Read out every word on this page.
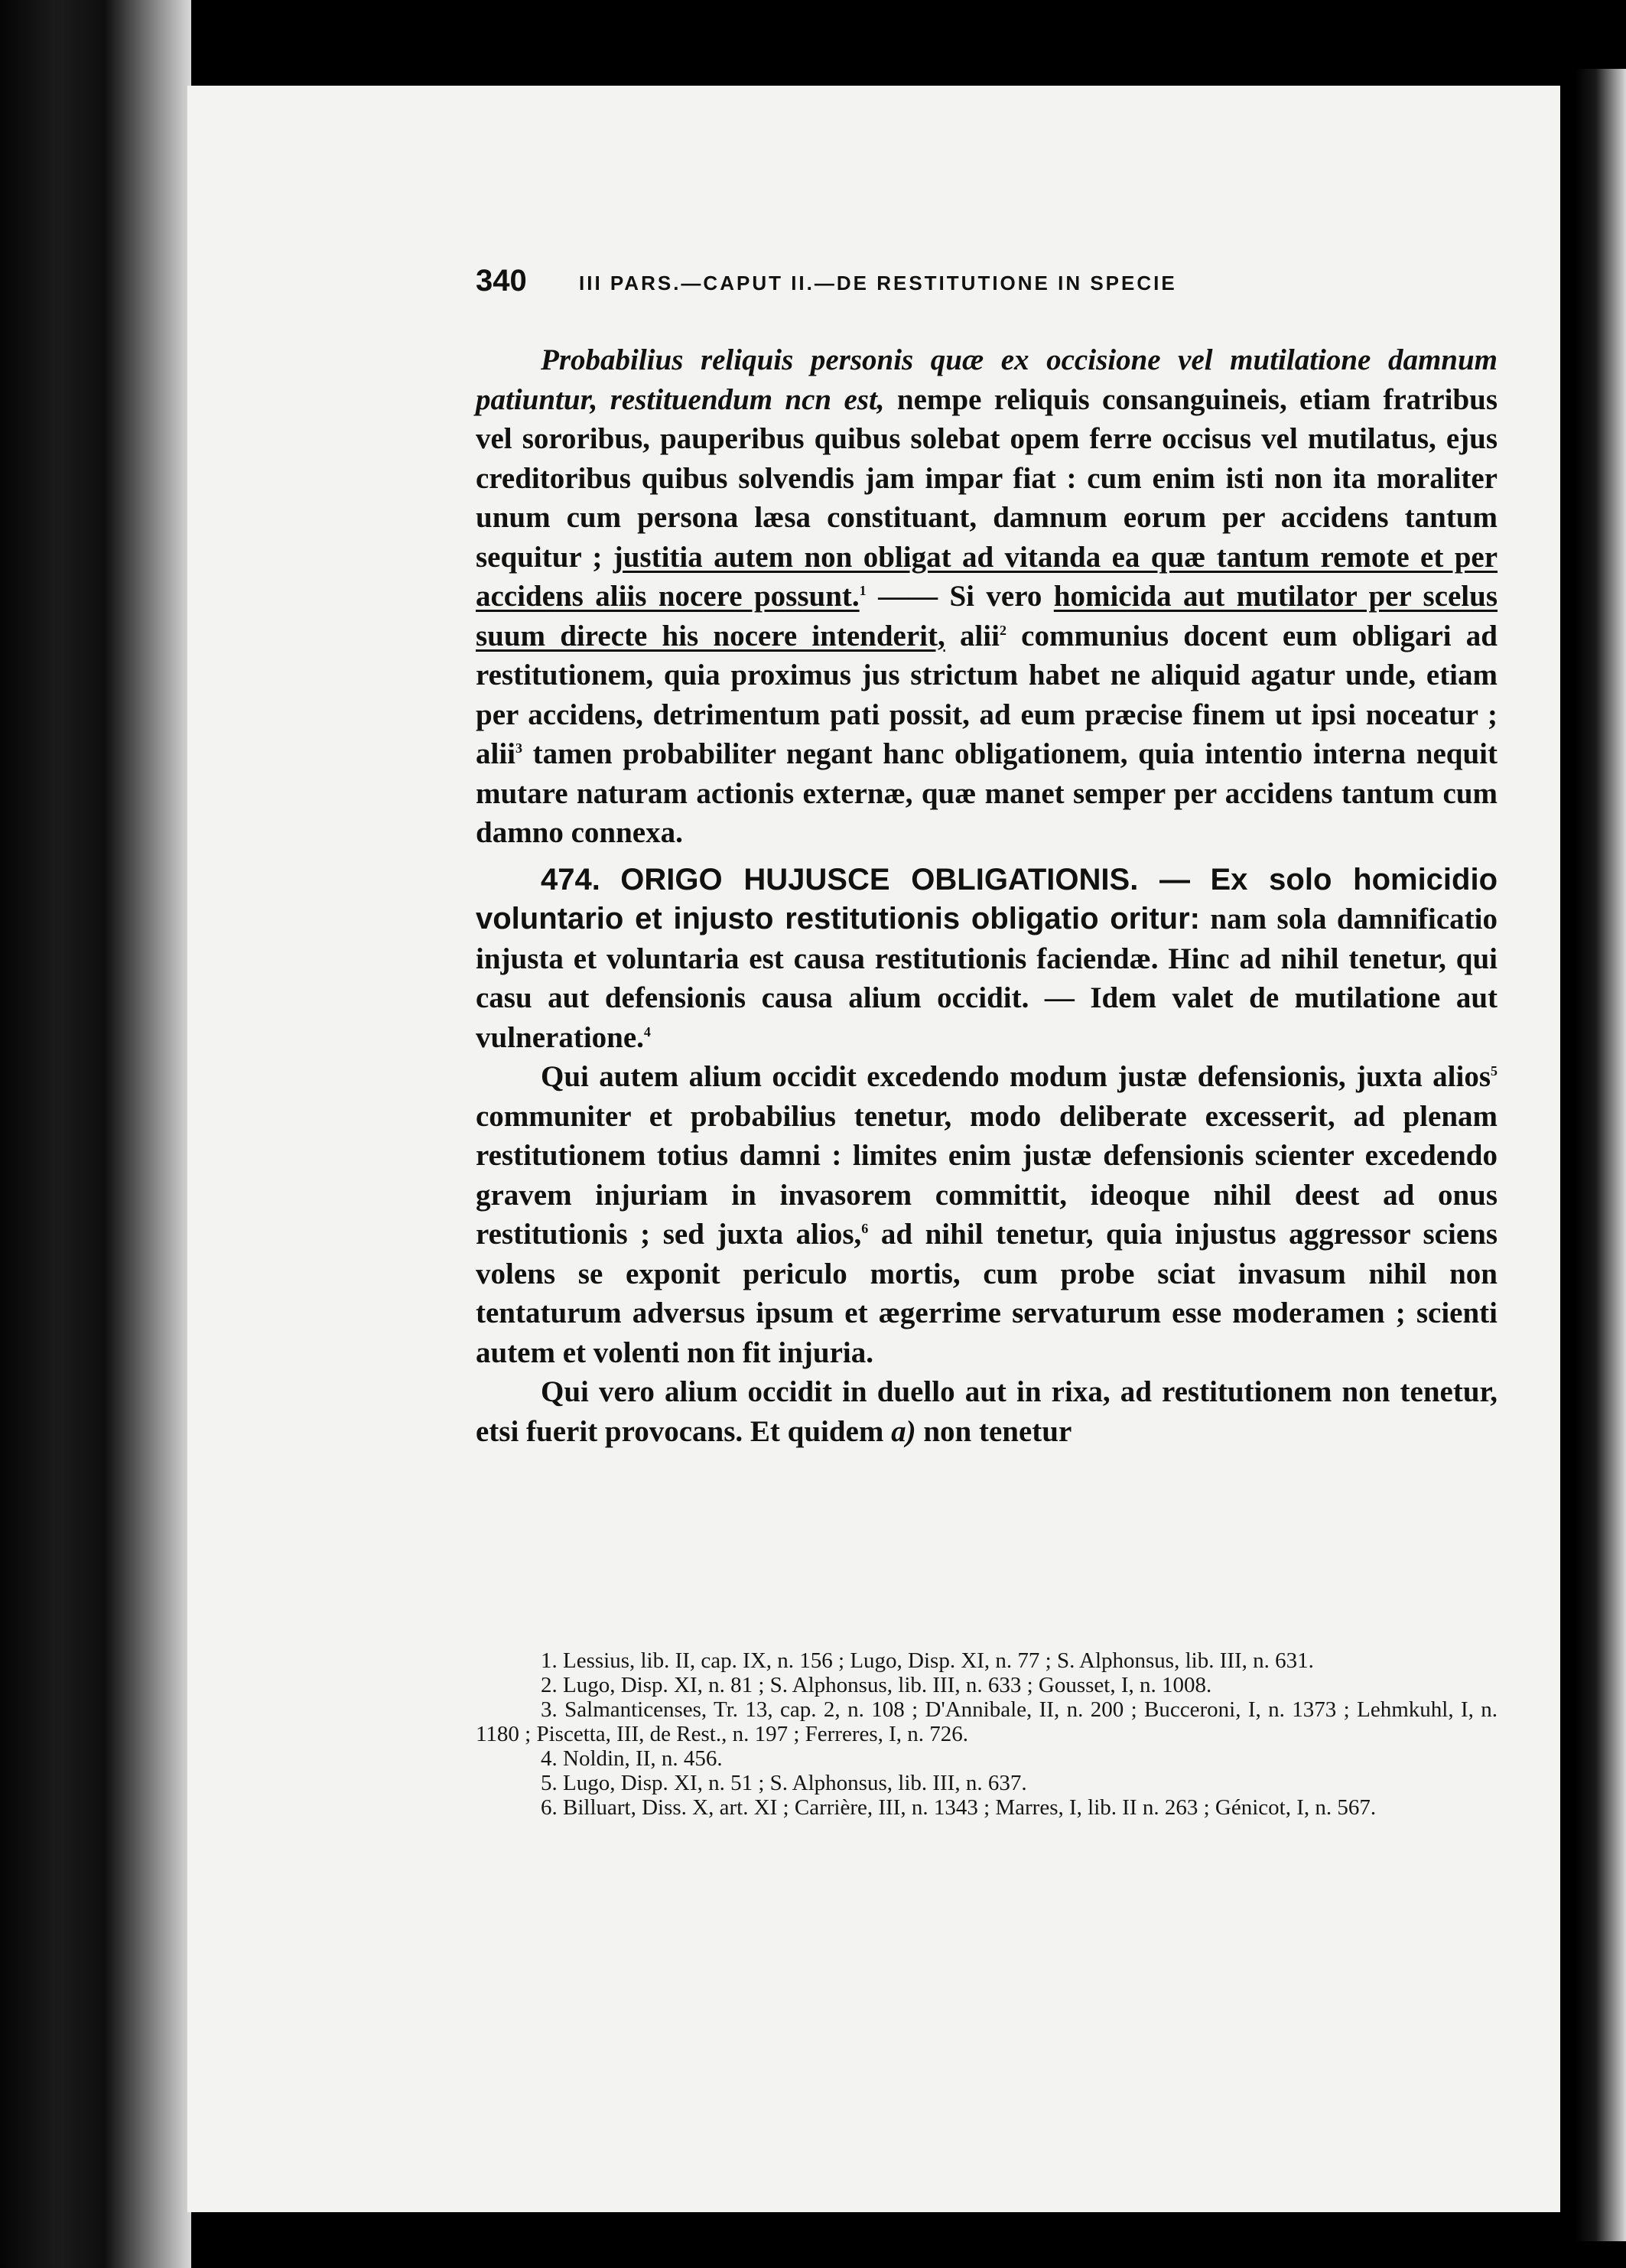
340	III PARS.—CAPUT II.—DE RESTITUTIONE IN SPECIE

Probabilius reliquis personis quæ ex occisione vel mutilatione damnum patiuntur, restituendum ncn est, nempe reliquis consanguineis, etiam fratribus vel sororibus, pauperibus quibus solebat opem ferre occisus vel mutilatus, ejus creditoribus quibus solvendis jam impar fiat : cum enim isti non ita moraliter unum cum persona læsa constituant, damnum eorum per accidens tantum sequitur ; justitia autem non obligat ad vitanda ea quæ tantum remote et per accidens aliis nocere possunt.$^1$ —— Si vero homicida aut mutilator per scelus suum directe his nocere intenderit, alii$^2$ communius docent eum obligari ad restitutionem, quia proximus jus strictum habet ne aliquid agatur unde, etiam per accidens, detrimentum pati possit, ad eum præcise finem ut ipsi noceatur ; alii$^3$ tamen probabiliter negant hanc obligationem, quia intentio interna nequit mutare naturam actionis externæ, quæ manet semper per accidens tantum cum damno connexa.

474. ORIGO HUJUSCE OBLIGATIONIS. — Ex solo homicidio voluntario et injusto restitutionis obligatio oritur: nam sola damnificatio injusta et voluntaria est causa restitutionis faciendæ. Hinc ad nihil tenetur, qui casu aut defensionis causa alium occidit. — Idem valet de mutilatione aut vulneratione.$^4$

Qui autem alium occidit excedendo modum justæ defensionis, juxta alios$^5$ communiter et probabilius tenetur, modo deliberate excesserit, ad plenam restitutionem totius damni : limites enim justæ defensionis scienter excedendo gravem injuriam in invasorem committit, ideoque nihil deest ad onus restitutionis ; sed juxta alios,$^6$ ad nihil tenetur, quia injustus aggressor sciens volens se exponit periculo mortis, cum probe sciat invasum nihil non tentaturum adversus ipsum et ægerrime servaturum esse moderamen ; scienti autem et volenti non fit injuria.

Qui vero alium occidit in duello aut in rixa, ad restitutionem non tenetur, etsi fuerit provocans. Et quidem a) non tenetur

1. Lessius, lib. II, cap. IX, n. 156 ; Lugo, Disp. XI, n. 77 ; S. Alphonsus, lib. III, n. 631.

2. Lugo, Disp. XI, n. 81 ; S. Alphonsus, lib. III, n. 633 ; Gousset, I, n. 1008.

3. Salmanticenses, Tr. 13, cap. 2, n. 108 ; D'Annibale, II, n. 200 ; Bucceroni, I, n. 1373 ; Lehmkuhl, I, n. 1180 ; Piscetta, III, de Rest., n. 197 ; Ferreres, I, n. 726.

4. Noldin, II, n. 456.

5. Lugo, Disp. XI, n. 51 ; S. Alphonsus, lib. III, n. 637.

6. Billuart, Diss. X, art. XI ; Carrière, III, n. 1343 ; Marres, I, lib. II n. 263 ; Génicot, I, n. 567.
